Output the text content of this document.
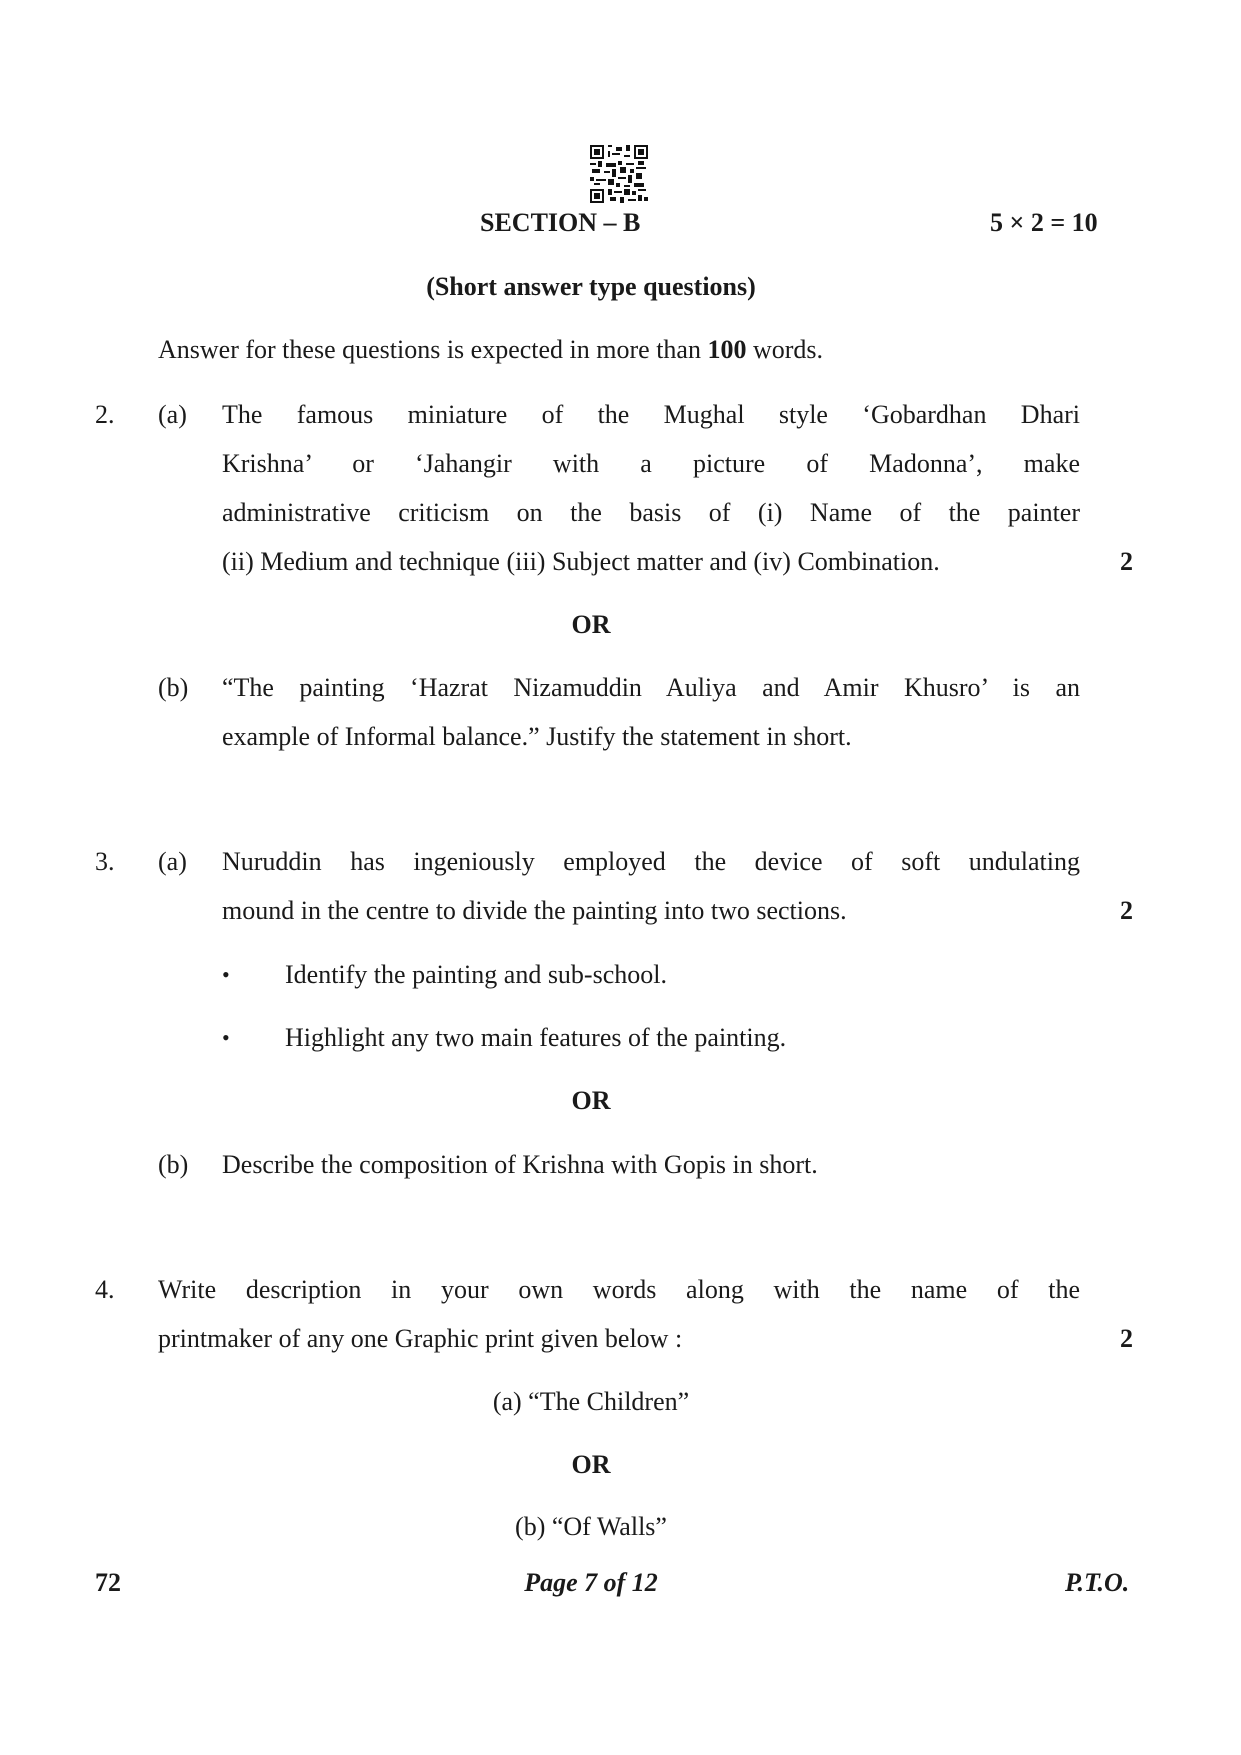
SECTION – B	5 × 2 = 10
(Short answer type questions)
Answer for these questions is expected in more than 100 words.
2. (a) The famous miniature of the Mughal style ‘Gobardhan Dhari
Krishna’ or ‘Jahangir with a picture of Madonna’, make
administrative criticism on the basis of (i) Name of the painter
(ii) Medium and technique (iii) Subject matter and (iv) Combination.	2
OR
(b) “The painting ‘Hazrat Nizamuddin Auliya and Amir Khusro’ is an
example of Informal balance.” Justify the statement in short.
3. (a) Nuruddin has ingeniously employed the device of soft undulating
mound in the centre to divide the painting into two sections.	2
• Identify the painting and sub-school.
• Highlight any two main features of the painting.
OR
(b) Describe the composition of Krishna with Gopis in short.
4. Write description in your own words along with the name of the
printmaker of any one Graphic print given below :	2
(a) “The Children”
OR
(b) “Of Walls”
72	Page 7 of 12	P.T.O.
